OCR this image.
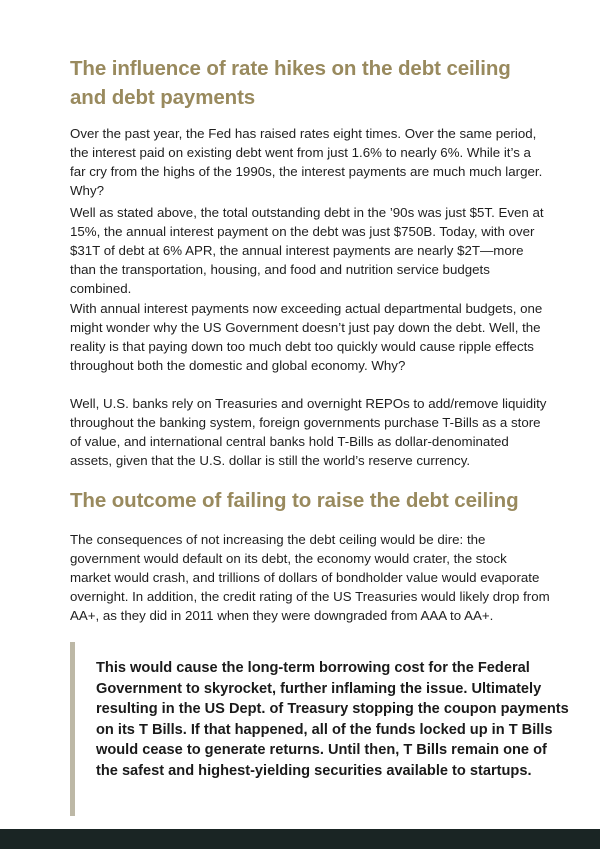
The influence of rate hikes on the debt ceiling and debt payments

Over the past year, the Fed has raised rates eight times. Over the same period, the interest paid on existing debt went from just 1.6% to nearly 6%. While it’s a far cry from the highs of the 1990s, the interest payments are much much larger. Why?

Well as stated above, the total outstanding debt in the ’90s was just $5T. Even at 15%, the annual interest payment on the debt was just $750B. Today, with over $31T of debt at 6% APR, the annual interest payments are nearly $2T—more than the transportation, housing, and food and nutrition service budgets combined.

With annual interest payments now exceeding actual departmental budgets, one might wonder why the US Government doesn’t just pay down the debt. Well, the reality is that paying down too much debt too quickly would cause ripple effects throughout both the domestic and global economy. Why?

Well, U.S. banks rely on Treasuries and overnight REPOs to add/remove liquidity throughout the banking system, foreign governments purchase T-Bills as a store of value, and international central banks hold T-Bills as dollar-denominated assets, given that the U.S. dollar is still the world’s reserve currency.

The outcome of failing to raise the debt ceiling

The consequences of not increasing the debt ceiling would be dire: the government would default on its debt, the economy would crater, the stock market would crash, and trillions of dollars of bondholder value would evaporate overnight. In addition, the credit rating of the US Treasuries would likely drop from AA+, as they did in 2011 when they were downgraded from AAA to AA+.

This would cause the long-term borrowing cost for the Federal Government to skyrocket, further inflaming the issue. Ultimately resulting in the US Dept. of Treasury stopping the coupon payments on its T Bills. If that happened, all of the funds locked up in T Bills would cease to generate returns. Until then, T Bills remain one of the safest and highest-yielding securities available to startups.
